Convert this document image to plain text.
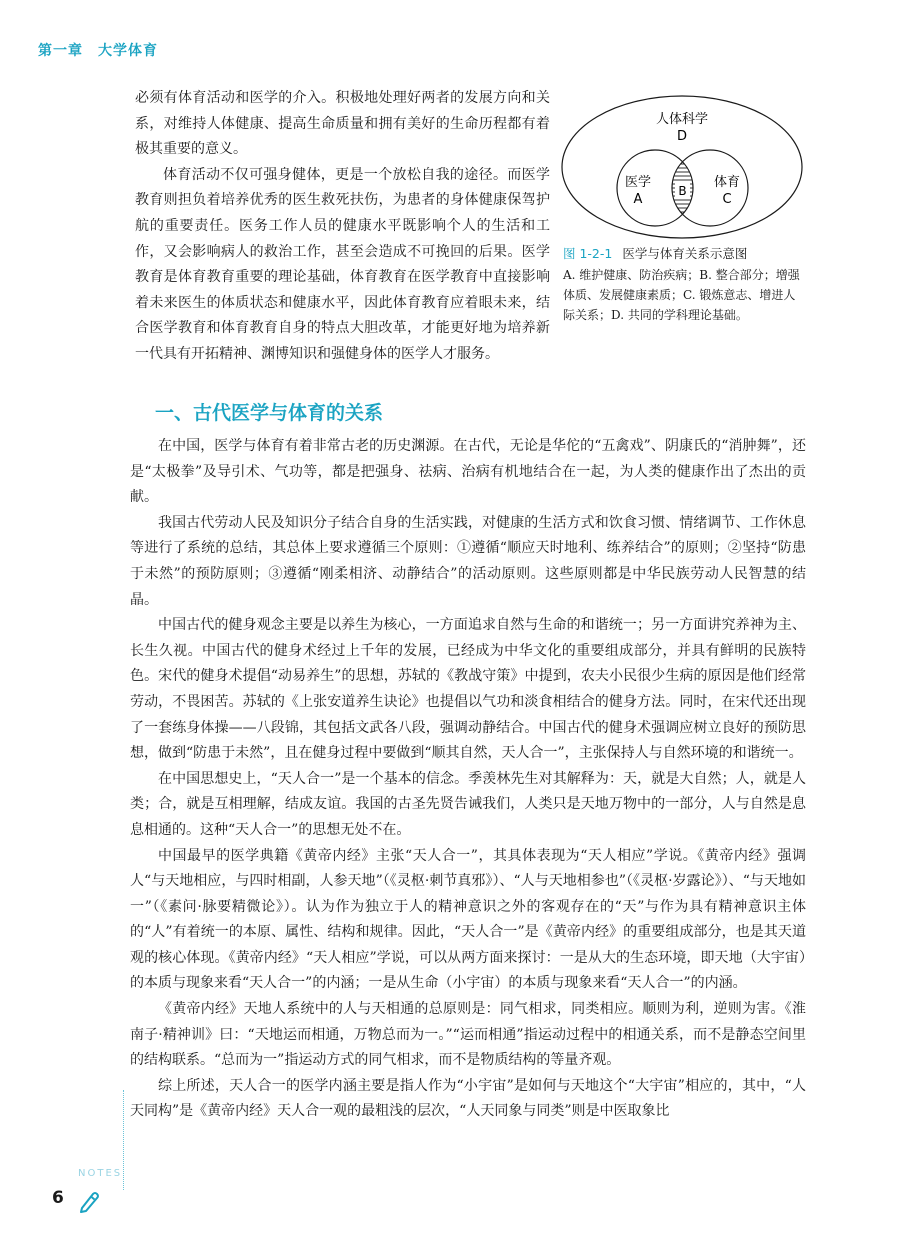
第一章　大学体育

必须有体育活动和医学的介入。积极地处理好两者的发展方向和关系，对维持人体健康、提高生命质量和拥有美好的生命历程都有着极其重要的意义。

体育活动不仅可强身健体，更是一个放松自我的途径。而医学教育则担负着培养优秀的医生救死扶伤，为患者的身体健康保驾护航的重要责任。医务工作人员的健康水平既影响个人的生活和工作，又会影响病人的救治工作，甚至会造成不可挽回的后果。医学教育是体育教育重要的理论基础，体育教育在医学教育中直接影响着未来医生的体质状态和健康水平，因此体育教育应着眼未来，结合医学教育和体育教育自身的特点大胆改革，才能更好地为培养新一代具有开拓精神、渊博知识和强健身体的医学人才服务。

人体科学
D
医学
A
B
体育
C
图 1-2-1 医学与体育关系示意图
A. 维护健康、防治疾病；B. 整合部分；增强体质、发展健康素质；C. 锻炼意志、增进人际关系；D. 共同的学科理论基础。
一、古代医学与体育的关系

在中国，医学与体育有着非常古老的历史渊源。在古代，无论是华佗的“五禽戏”、阴康氏的“消肿舞”，还是“太极拳”及导引术、气功等，都是把强身、祛病、治病有机地结合在一起，为人类的健康作出了杰出的贡献。

我国古代劳动人民及知识分子结合自身的生活实践，对健康的生活方式和饮食习惯、情绪调节、工作休息等进行了系统的总结，其总体上要求遵循三个原则：①遵循“顺应天时地利、练养结合”的原则；②坚持“防患于未然”的预防原则；③遵循“刚柔相济、动静结合”的活动原则。这些原则都是中华民族劳动人民智慧的结晶。

中国古代的健身观念主要是以养生为核心，一方面追求自然与生命的和谐统一；另一方面讲究养神为主、长生久视。中国古代的健身术经过上千年的发展，已经成为中华文化的重要组成部分，并具有鲜明的民族特色。宋代的健身术提倡“动易养生”的思想，苏轼的《教战守策》中提到，农夫小民很少生病的原因是他们经常劳动，不畏困苦。苏轼的《上张安道养生诀论》也提倡以气功和淡食相结合的健身方法。同时，在宋代还出现了一套练身体操——八段锦，其包括文武各八段，强调动静结合。中国古代的健身术强调应树立良好的预防思想，做到“防患于未然”，且在健身过程中要做到“顺其自然，天人合一”，主张保持人与自然环境的和谐统一。

在中国思想史上，“天人合一”是一个基本的信念。季羡林先生对其解释为：天，就是大自然；人，就是人类；合，就是互相理解，结成友谊。我国的古圣先贤告诫我们，人类只是天地万物中的一部分，人与自然是息息相通的。这种“天人合一”的思想无处不在。

中国最早的医学典籍《黄帝内经》主张“天人合一”，其具体表现为“天人相应”学说。《黄帝内经》强调人“与天地相应，与四时相副，人参天地”（《灵枢·刺节真邪》）、“人与天地相参也”（《灵枢·岁露论》）、“与天地如一”（《素问·脉要精微论》）。认为作为独立于人的精神意识之外的客观存在的“天”与作为具有精神意识主体的“人”有着统一的本原、属性、结构和规律。因此，“天人合一”是《黄帝内经》的重要组成部分，也是其天道观的核心体现。《黄帝内经》“天人相应”学说，可以从两方面来探讨：一是从大的生态环境，即天地（大宇宙）的本质与现象来看“天人合一”的内涵；一是从生命（小宇宙）的本质与现象来看“天人合一”的内涵。

《黄帝内经》天地人系统中的人与天相通的总原则是：同气相求，同类相应。顺则为利，逆则为害。《淮南子·精神训》曰：“天地运而相通，万物总而为一。”“运而相通”指运动过程中的相通关系，而不是静态空间里的结构联系。“总而为一”指运动方式的同气相求，而不是物质结构的等量齐观。

综上所述，天人合一的医学内涵主要是指人作为“小宇宙”是如何与天地这个“大宇宙”相应的，其中，“人天同构”是《黄帝内经》天人合一观的最粗浅的层次，“人天同象与同类”则是中医取象比

NOTES
6
